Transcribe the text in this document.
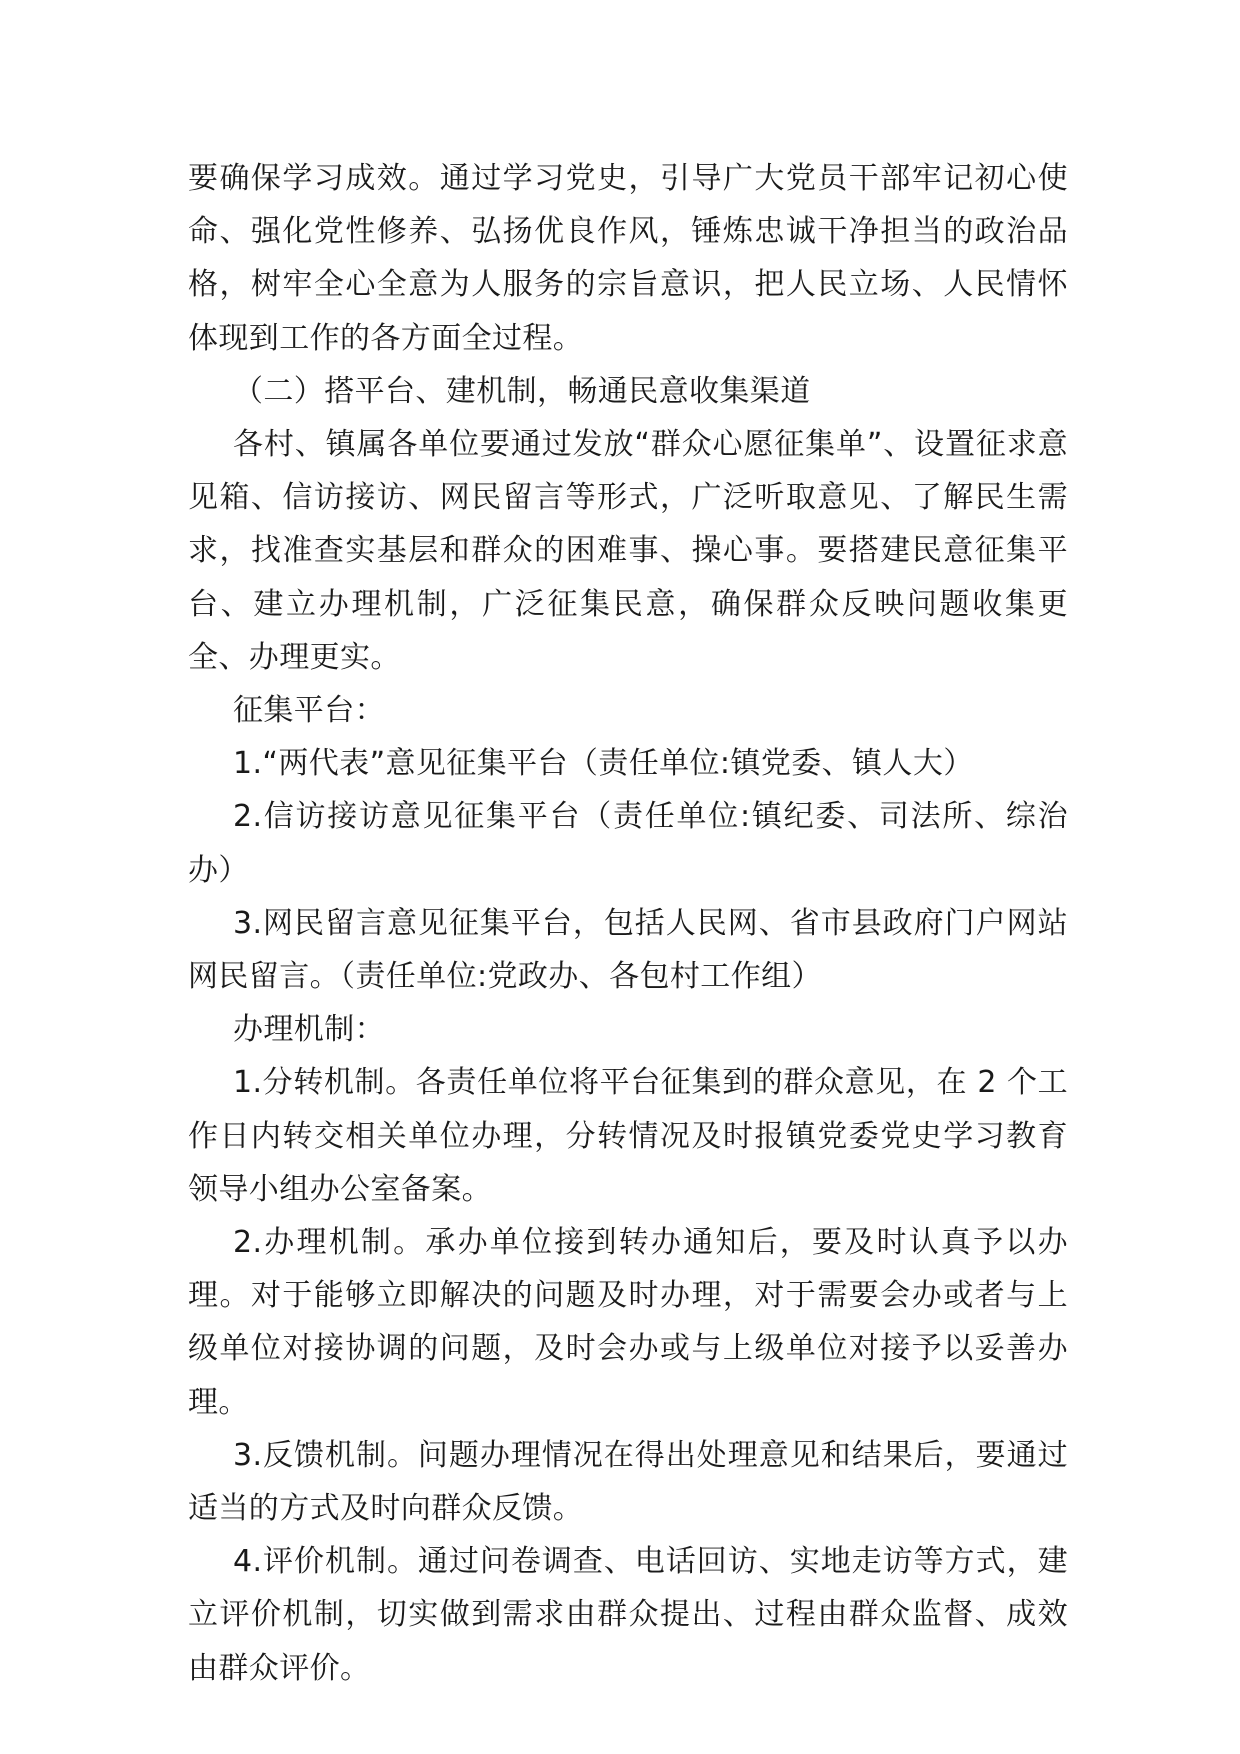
要确保学习成效。通过学习党史，引导广大党员干部牢记初心使命、强化党性修养、弘扬优良作风，锤炼忠诚干净担当的政治品格，树牢全心全意为人服务的宗旨意识，把人民立场、人民情怀体现到工作的各方面全过程。

（二）搭平台、建机制，畅通民意收集渠道

各村、镇属各单位要通过发放“群众心愿征集单”、设置征求意见箱、信访接访、网民留言等形式，广泛听取意见、了解民生需求，找准查实基层和群众的困难事、操心事。要搭建民意征集平台、建立办理机制，广泛征集民意，确保群众反映问题收集更全、办理更实。

征集平台：

1.“两代表”意见征集平台（责任单位:镇党委、镇人大）

2.信访接访意见征集平台（责任单位:镇纪委、司法所、综治办）

3.网民留言意见征集平台，包括人民网、省市县政府门户网站网民留言。（责任单位:党政办、各包村工作组）

办理机制：

1.分转机制。各责任单位将平台征集到的群众意见，在 2 个工作日内转交相关单位办理，分转情况及时报镇党委党史学习教育领导小组办公室备案。

2.办理机制。承办单位接到转办通知后，要及时认真予以办理。对于能够立即解决的问题及时办理，对于需要会办或者与上级单位对接协调的问题，及时会办或与上级单位对接予以妥善办理。

3.反馈机制。问题办理情况在得出处理意见和结果后，要通过适当的方式及时向群众反馈。

4.评价机制。通过问卷调查、电话回访、实地走访等方式，建立评价机制，切实做到需求由群众提出、过程由群众监督、成效由群众评价。
